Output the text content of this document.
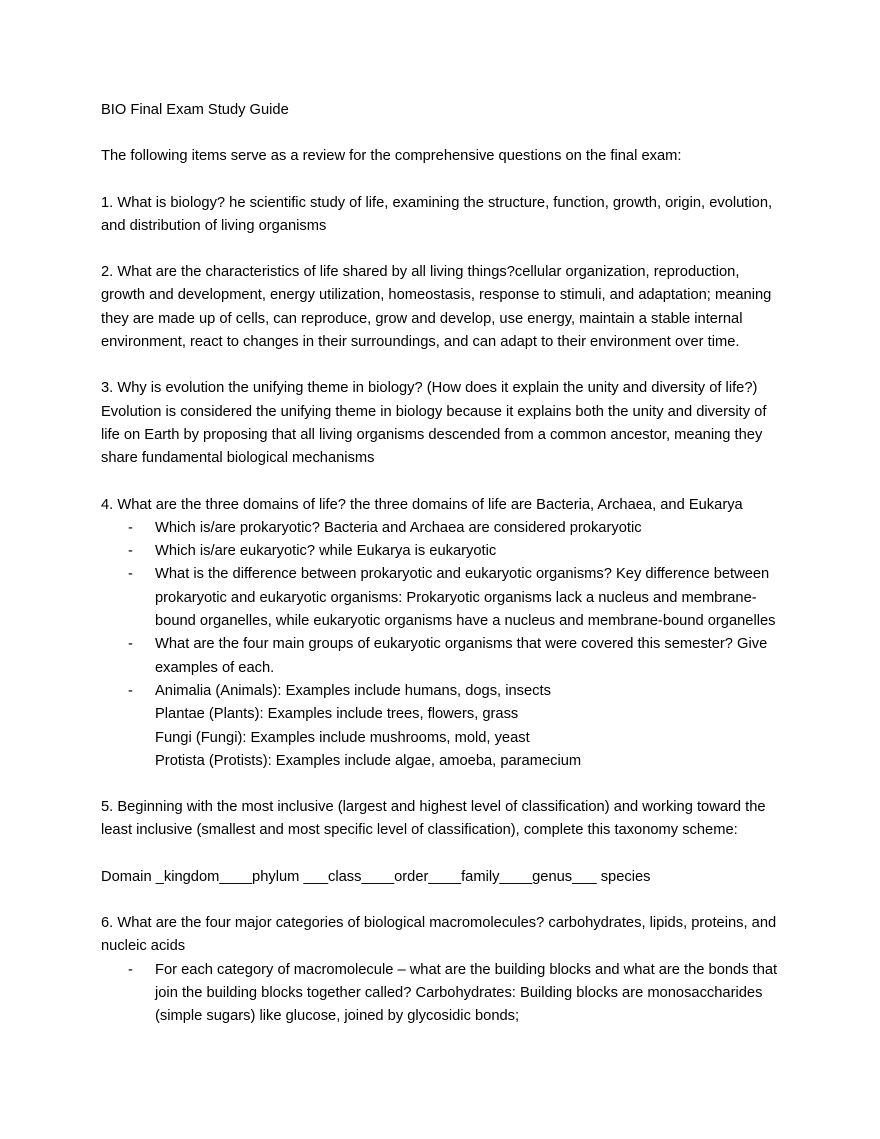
BIO Final Exam Study Guide

The following items serve as a review for the comprehensive questions on the final exam:

1. What is biology? he scientific study of life, examining the structure, function, growth, origin, evolution, and distribution of living organisms

2. What are the characteristics of life shared by all living things?cellular organization, reproduction, growth and development, energy utilization, homeostasis, response to stimuli, and adaptation; meaning they are made up of cells, can reproduce, grow and develop, use energy, maintain a stable internal environment, react to changes in their surroundings, and can adapt to their environment over time.

3. Why is evolution the unifying theme in biology? (How does it explain the unity and diversity of life?) Evolution is considered the unifying theme in biology because it explains both the unity and diversity of life on Earth by proposing that all living organisms descended from a common ancestor, meaning they share fundamental biological mechanisms

4. What are the three domains of life? the three domains of life are Bacteria, Archaea, and Eukarya

- Which is/are prokaryotic? Bacteria and Archaea are considered prokaryotic
- Which is/are eukaryotic? while Eukarya is eukaryotic
- What is the difference between prokaryotic and eukaryotic organisms? Key difference between prokaryotic and eukaryotic organisms: Prokaryotic organisms lack a nucleus and membrane-bound organelles, while eukaryotic organisms have a nucleus and membrane-bound organelles
- What are the four main groups of eukaryotic organisms that were covered this semester? Give examples of each.
- Animalia (Animals): Examples include humans, dogs, insects
Plantae (Plants): Examples include trees, flowers, grass
Fungi (Fungi): Examples include mushrooms, mold, yeast
Protista (Protists): Examples include algae, amoeba, paramecium

5. Beginning with the most inclusive (largest and highest level of classification) and working toward the least inclusive (smallest and most specific level of classification), complete this taxonomy scheme:

Domain _kingdom____phylum ___class____order____family____genus___ species

6. What are the four major categories of biological macromolecules? carbohydrates, lipids, proteins, and nucleic acids

- For each category of macromolecule – what are the building blocks and what are the bonds that join the building blocks together called? Carbohydrates: Building blocks are monosaccharides (simple sugars) like glucose, joined by glycosidic bonds;
